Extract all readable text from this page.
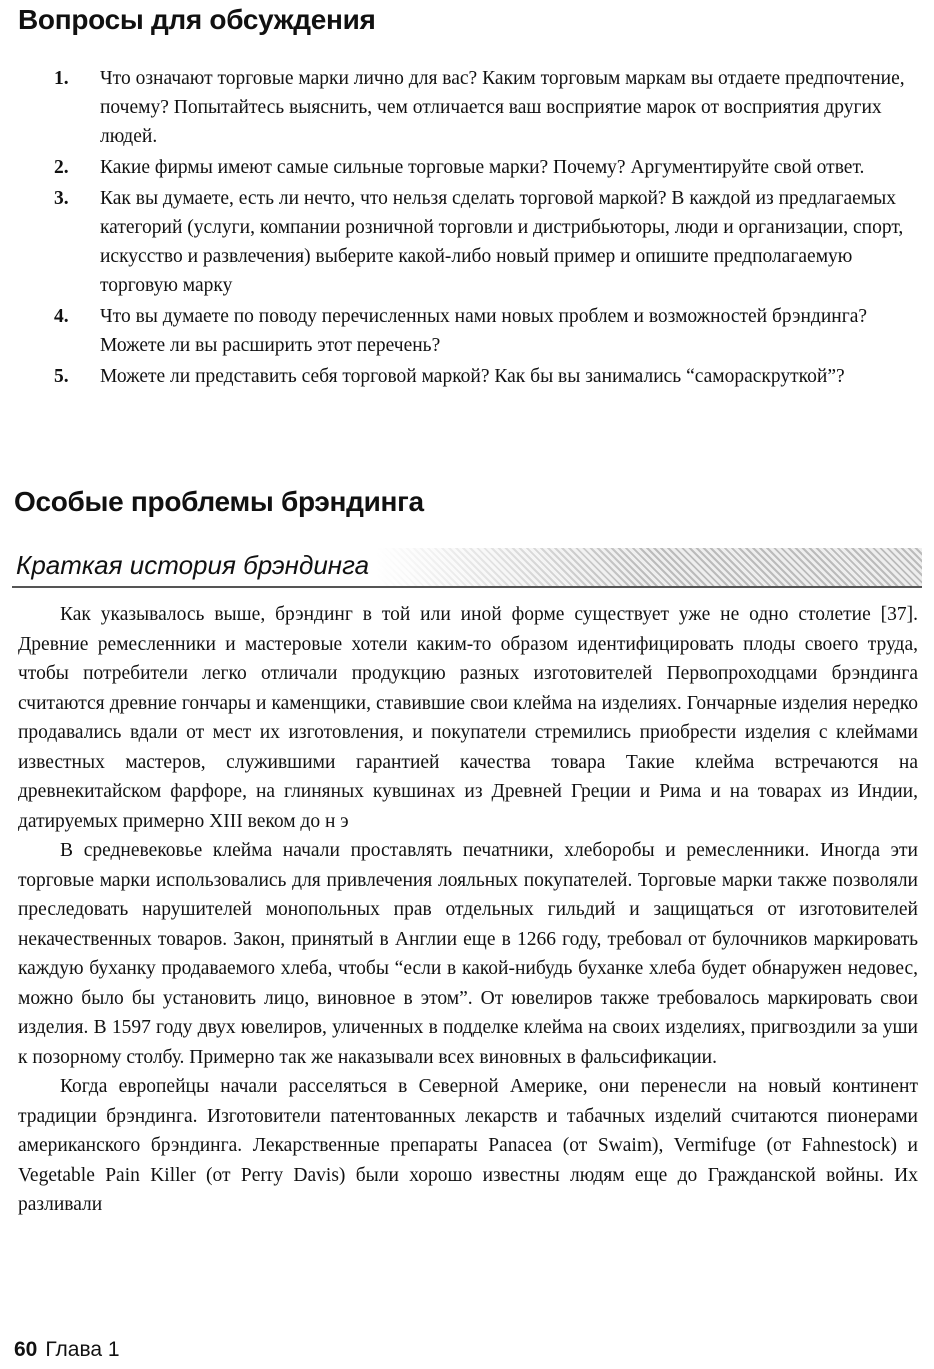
Вопросы для обсуждения
1. Что означают торговые марки лично для вас? Каким торговым маркам вы отдаете предпочтение, почему? Попытайтесь выяснить, чем отличается ваш восприятие марок от восприятия других людей.
2. Какие фирмы имеют самые сильные торговые марки? Почему? Аргументируйте свой ответ.
3. Как вы думаете, есть ли нечто, что нельзя сделать торговой маркой? В каждой из предлагаемых категорий (услуги, компании розничной торговли и дистрибьюторы, люди и организации, спорт, искусство и развлечения) выберите какой-либо новый пример и опишите предполагаемую торговую марку
4. Что вы думаете по поводу перечисленных нами новых проблем и возможностей брэндинга? Можете ли вы расширить этот перечень?
5. Можете ли представить себя торговой маркой? Как бы вы занимались “самораскруткой”?
Особые проблемы брэндинга
Краткая история брэндинга

Как указывалось выше, брэндинг в той или иной форме существует уже не одно столетие [37]. Древние ремесленники и мастеровые хотели каким-то образом идентифицировать плоды своего труда, чтобы потребители легко отличали продукцию разных изготовителей Первопроходцами брэндинга считаются древние гончары и каменщики, ставившие свои клейма на изделиях. Гончарные изделия нередко продавались вдали от мест их изготовления, и покупатели стремились приобрести изделия с клеймами известных мастеров, служившими гарантией качества товара Такие клейма встречаются на древнекитайском фарфоре, на глиняных кувшинах из Древней Греции и Рима и на товарах из Индии, датируемых примерно XIII веком до н э

В средневековье клейма начали проставлять печатники, хлеборобы и ремесленники. Иногда эти торговые марки использовались для привлечения лояльных покупателей. Торговые марки также позволяли преследовать нарушителей монопольных прав отдельных гильдий и защищаться от изготовителей некачественных товаров. Закон, принятый в Англии еще в 1266 году, требовал от булочников маркировать каждую буханку продаваемого хлеба, чтобы “если в какой-нибудь буханке хлеба будет обнаружен недовес, можно было бы установить лицо, виновное в этом”. От ювелиров также требовалось маркировать свои изделия. В 1597 году двух ювелиров, уличенных в подделке клейма на своих изделиях, пригвоздили за уши к позорному столбу. Примерно так же наказывали всех виновных в фальсификации.

Когда европейцы начали расселяться в Северной Америке, они перенесли на новый континент традиции брэндинга. Изготовители патентованных лекарств и табачных изделий считаются пионерами американского брэндинга. Лекарственные препараты Panacea (от Swaim), Vermifuge (от Fahnestock) и Vegetable Pain Killer (от Perry Davis) были хорошо известны людям еще до Гражданской войны. Их разливали

60 Глава 1
